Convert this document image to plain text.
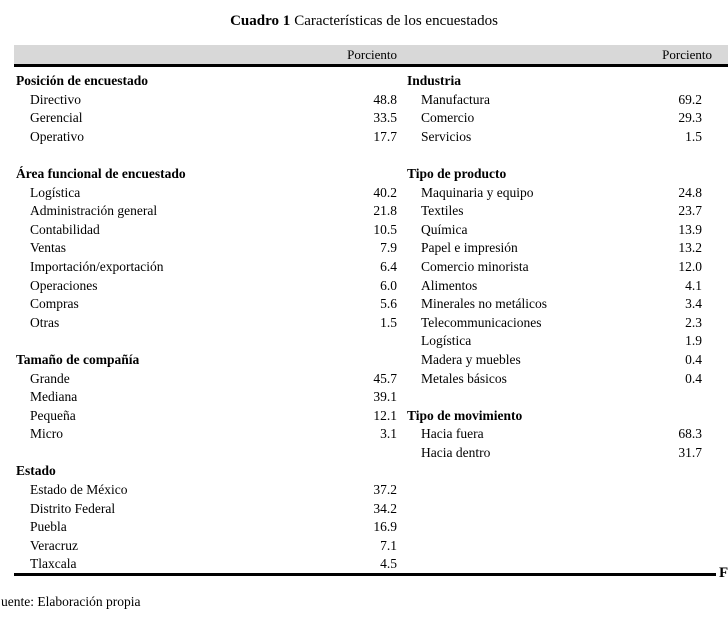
Cuadro 1 Características de los encuestados
Porciento	Porciento
Posición de encuestado
Directivo	48.8
Gerencial	33.5
Operativo	17.7
Área funcional de encuestado
Logística	40.2
Administración general	21.8
Contabilidad	10.5
Ventas	7.9
Importación/exportación	6.4
Operaciones	6.0
Compras	5.6
Otras	1.5
Tamaño de compañía
Grande	45.7
Mediana	39.1
Pequeña	12.1
Micro	3.1
Estado
Estado de México	37.2
Distrito Federal	34.2
Puebla	16.9
Veracruz	7.1
Tlaxcala	4.5
Industria
Manufactura	69.2
Comercio	29.3
Servicios	1.5
Tipo de producto
Maquinaria y equipo	24.8
Textiles	23.7
Química	13.9
Papel e impresión	13.2
Comercio minorista	12.0
Alimentos	4.1
Minerales no metálicos	3.4
Telecommunicaciones	2.3
Logística	1.9
Madera y muebles	0.4
Metales básicos	0.4
Tipo de movimiento
Hacia fuera	68.3
Hacia dentro	31.7
uente: Elaboración propia
F
